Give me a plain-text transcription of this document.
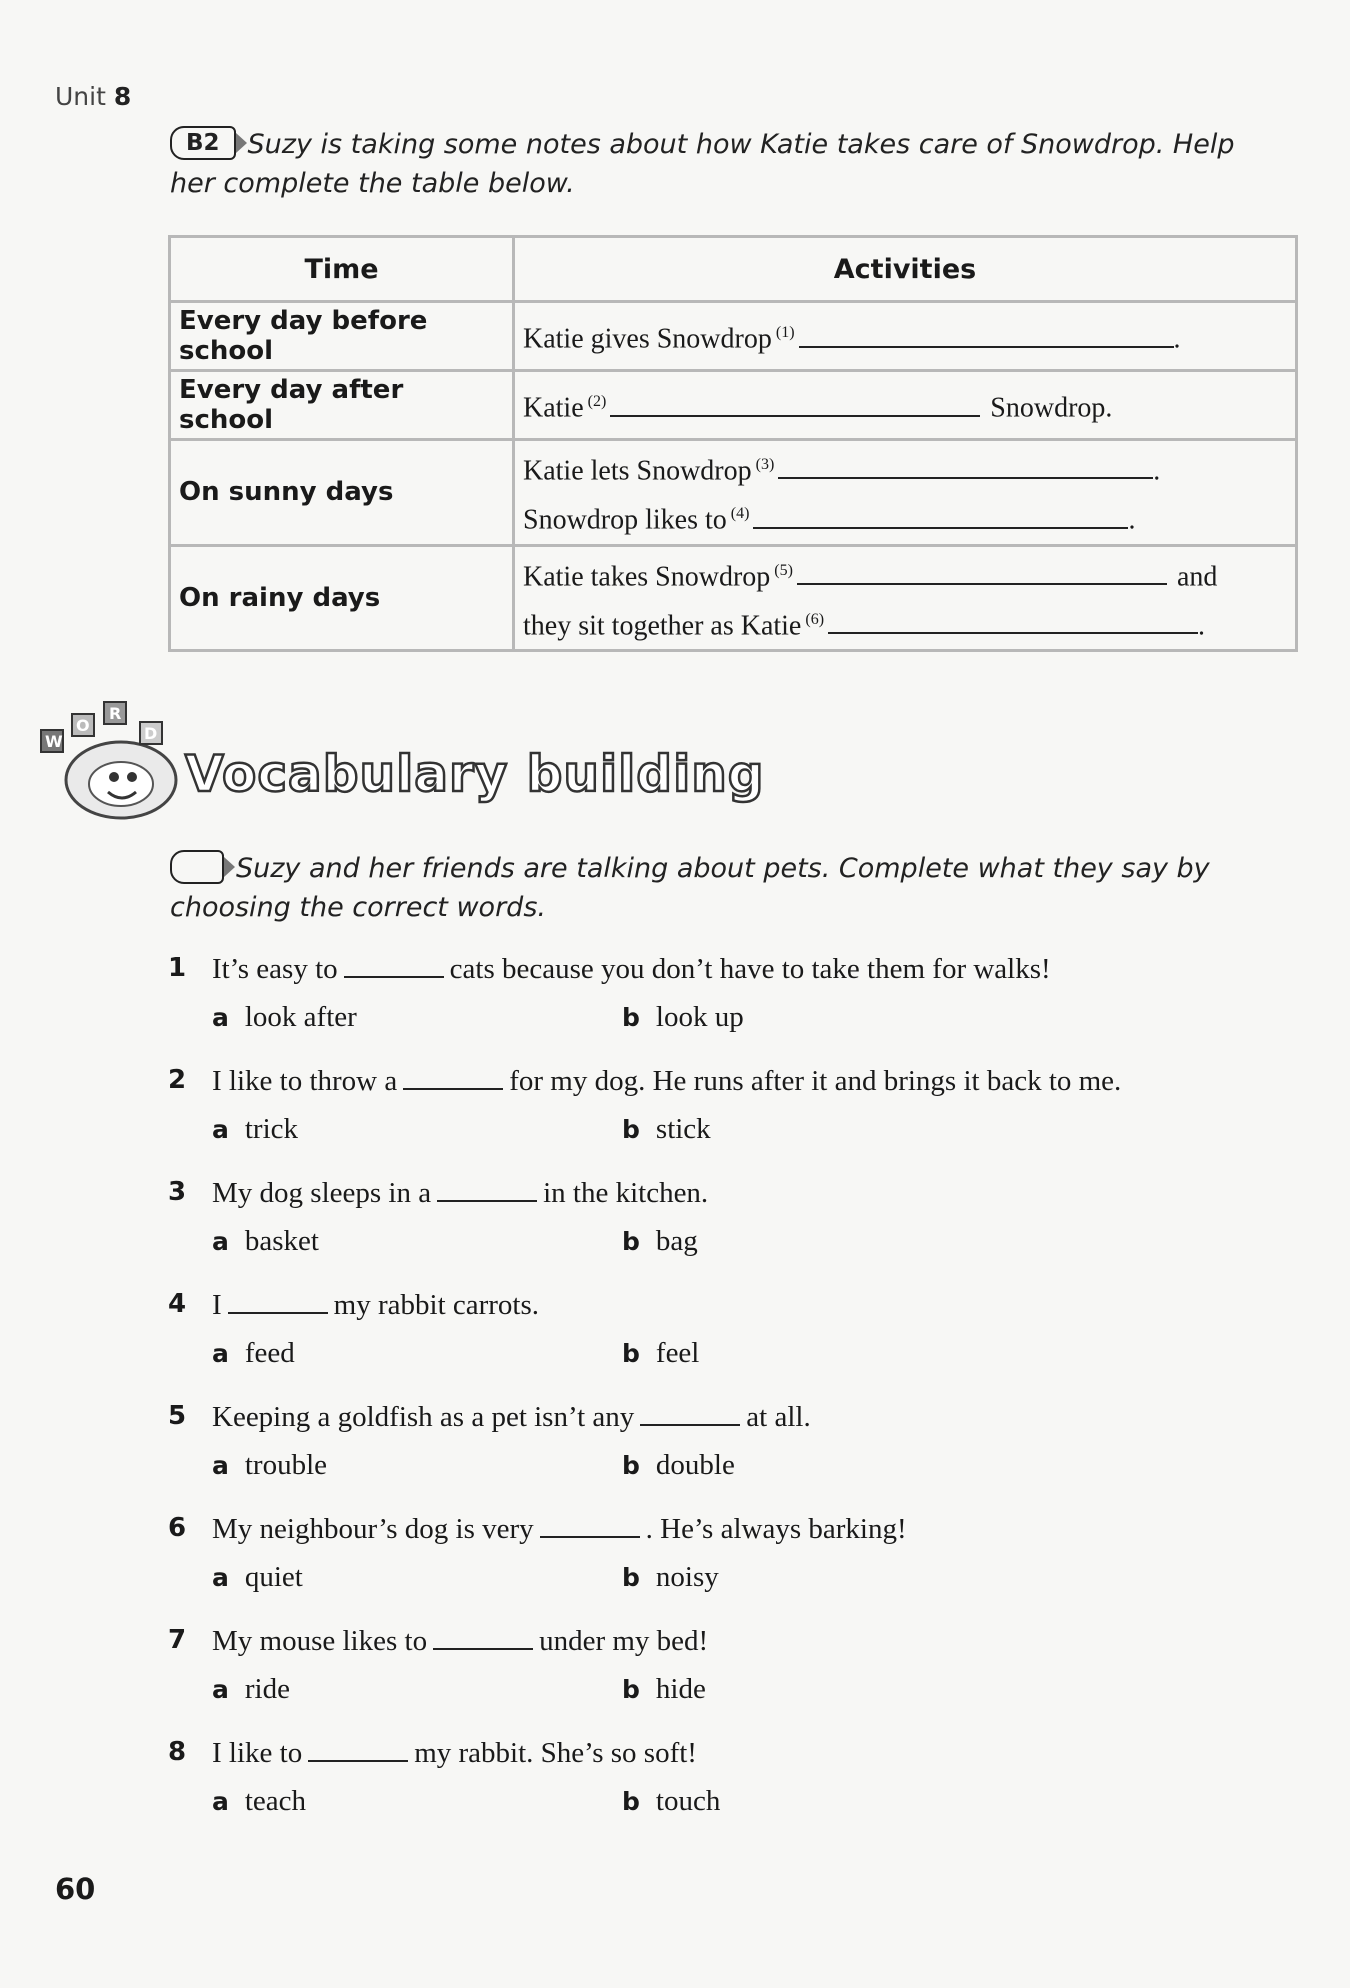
Unit 8
B2 Suzy is taking some notes about how Katie takes care of Snowdrop. Help her complete the table below.
Time	Activities
Every day before school	Katie gives Snowdrop $^{(1)}$ .
Every day after school	Katie $^{(2)}$ Snowdrop.
On sunny days	Katie lets Snowdrop $^{(3)}$ .
Snowdrop likes to $^{(4)}$ .

On rainy days	Katie takes Snowdrop $^{(5)}$ and
they sit together as Katie $^{(6)}$ .
W
O
R
D
Vocabulary building
Suzy and her friends are talking about pets. Complete what they say by choosing the correct words.
1 It’s easy to	cats because you don’t have to take them for walks!
a look after	b look up
2 I like to throw a	for my dog. He runs after it and brings it back to me.
a trick	b stick
3 My dog sleeps in a	in the kitchen.
a basket	b bag
4 I	my rabbit carrots.
a feed	b feel
5 Keeping a goldfish as a pet isn’t any	at all.
a trouble	b double
6 My neighbour’s dog is very	. He’s always barking!
a quiet	b noisy
7 My mouse likes to	under my bed!
a ride	b hide
8 I like to	my rabbit. She’s so soft!
a teach	b touch
60
